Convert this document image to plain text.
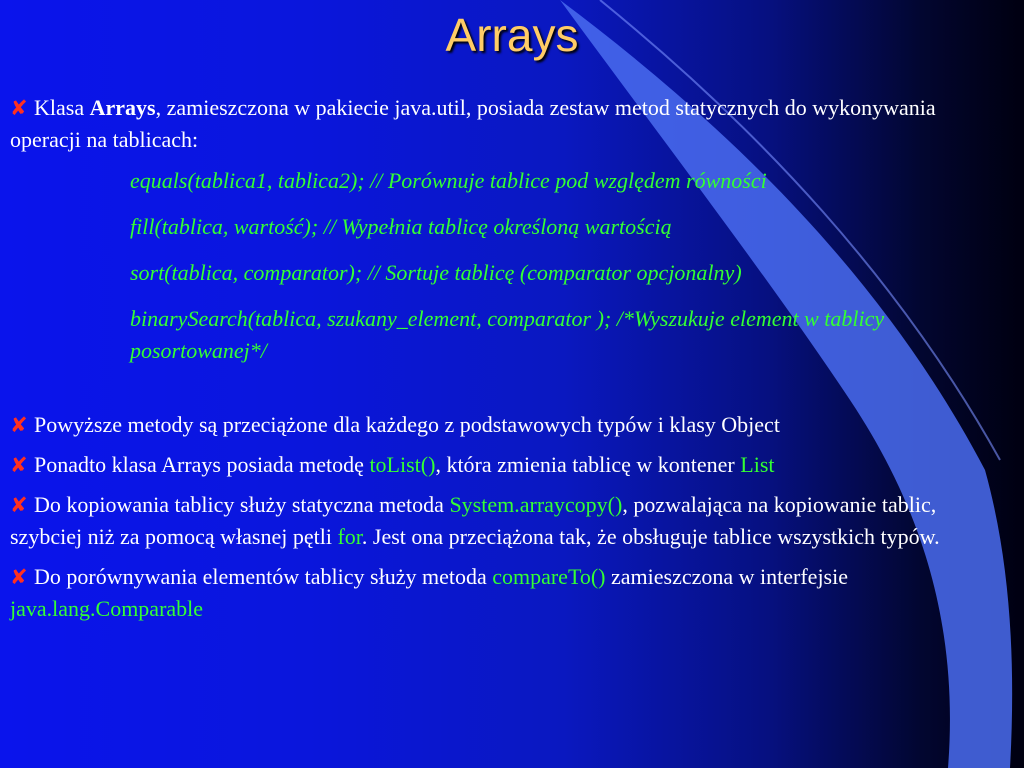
Arrays

✘ Klasa Arrays, zamieszczona w pakiecie java.util, posiada zestaw metod statycznych do wykonywania operacji na tablicach:

equals(tablica1, tablica2); // Porównuje tablice pod względem równości

fill(tablica, wartość); // Wypełnia tablicę określoną wartością

sort(tablica, comparator); // Sortuje tablicę (comparator opcjonalny)

binarySearch(tablica, szukany_element, comparator ); /*Wyszukuje element w tablicy posortowanej*/

✘ Powyższe metody są przeciążone dla każdego z podstawowych typów i klasy Object

✘ Ponadto klasa Arrays posiada metodę toList(), która zmienia tablicę w kontener List

✘ Do kopiowania tablicy służy statyczna metoda System.arraycopy(), pozwalająca na kopiowanie tablic, szybciej niż za pomocą własnej pętli for. Jest ona przeciążona tak, że obsługuje tablice wszystkich typów.

✘ Do porównywania elementów tablicy służy metoda compareTo() zamieszczona w interfejsie java.lang.Comparable
